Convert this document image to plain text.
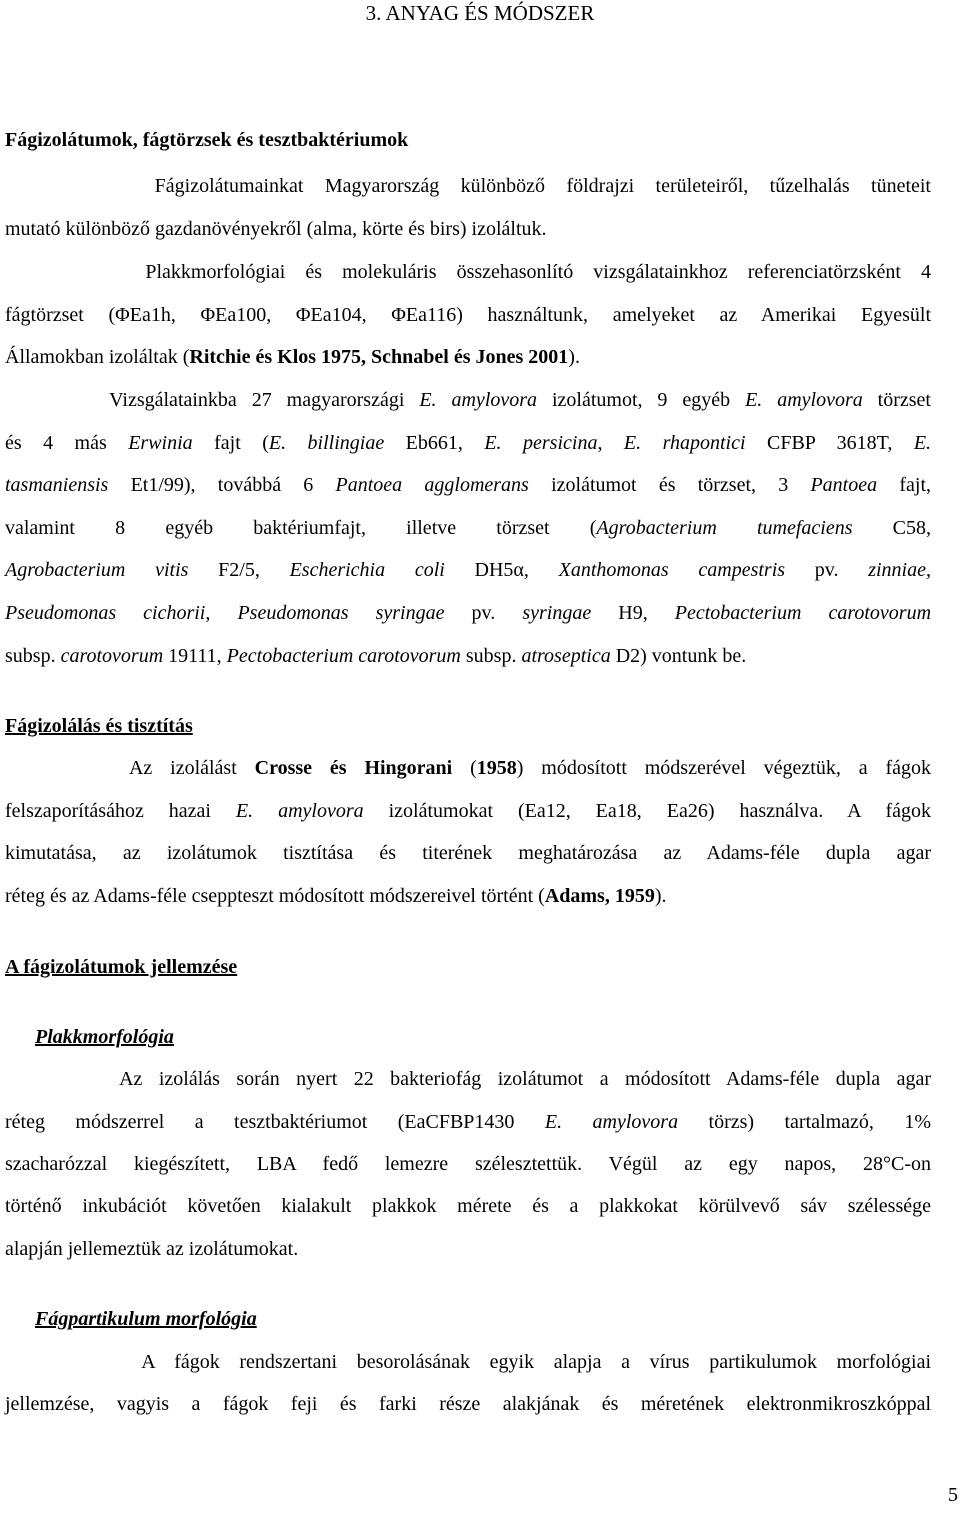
3. ANYAG ÉS MÓDSZER
Fágizolátumok, fágtörzsek és tesztbaktériumok
Fágizolátumainkat Magyarország különböző földrajzi területeiről, tűzelhalás tüneteit
mutató különböző gazdanövényekről (alma, körte és birs) izoláltuk.
Plakkmorfológiai és molekuláris összehasonlító vizsgálatainkhoz referenciatörzsként 4
fágtörzset (ΦEa1h, ΦEa100, ΦEa104, ΦEa116) használtunk, amelyeket az Amerikai Egyesült
Államokban izoláltak (Ritchie és Klos 1975, Schnabel és Jones 2001).
Vizsgálatainkba 27 magyarországi E. amylovora izolátumot, 9 egyéb E. amylovora törzset
és 4 más Erwinia fajt (E. billingiae Eb661, E. persicina, E. rhapontici CFBP 3618T, E.
tasmaniensis Et1/99), továbbá 6 Pantoea agglomerans izolátumot és törzset, 3 Pantoea fajt,
valamint 8 egyéb baktériumfajt, illetve törzset (Agrobacterium tumefaciens C58,
Agrobacterium vitis F2/5, Escherichia coli DH5α, Xanthomonas campestris pv. zinniae,
Pseudomonas cichorii, Pseudomonas syringae pv. syringae H9, Pectobacterium carotovorum
subsp. carotovorum 19111, Pectobacterium carotovorum subsp. atroseptica D2) vontunk be.
Fágizolálás és tisztítás
Az izolálást Crosse és Hingorani (1958) módosított módszerével végeztük, a fágok
felszaporításához hazai E. amylovora izolátumokat (Ea12, Ea18, Ea26) használva. A fágok
kimutatása, az izolátumok tisztítása és titerének meghatározása az Adams-féle dupla agar
réteg és az Adams-féle cseppteszt módosított módszereivel történt (Adams, 1959).
A fágizolátumok jellemzése
Plakkmorfológia
Az izolálás során nyert 22 bakteriofág izolátumot a módosított Adams-féle dupla agar
réteg módszerrel a tesztbaktériumot (EaCFBP1430 E. amylovora törzs) tartalmazó, 1%
szacharózzal kiegészített, LBA fedő lemezre szélesztettük. Végül az egy napos, 28°C-on
történő inkubációt követően kialakult plakkok mérete és a plakkokat körülvevő sáv szélessége
alapján jellemeztük az izolátumokat.
Fágpartikulum morfológia
A fágok rendszertani besorolásának egyik alapja a vírus partikulumok morfológiai
jellemzése, vagyis a fágok feji és farki része alakjának és méretének elektronmikroszkóppal
5
